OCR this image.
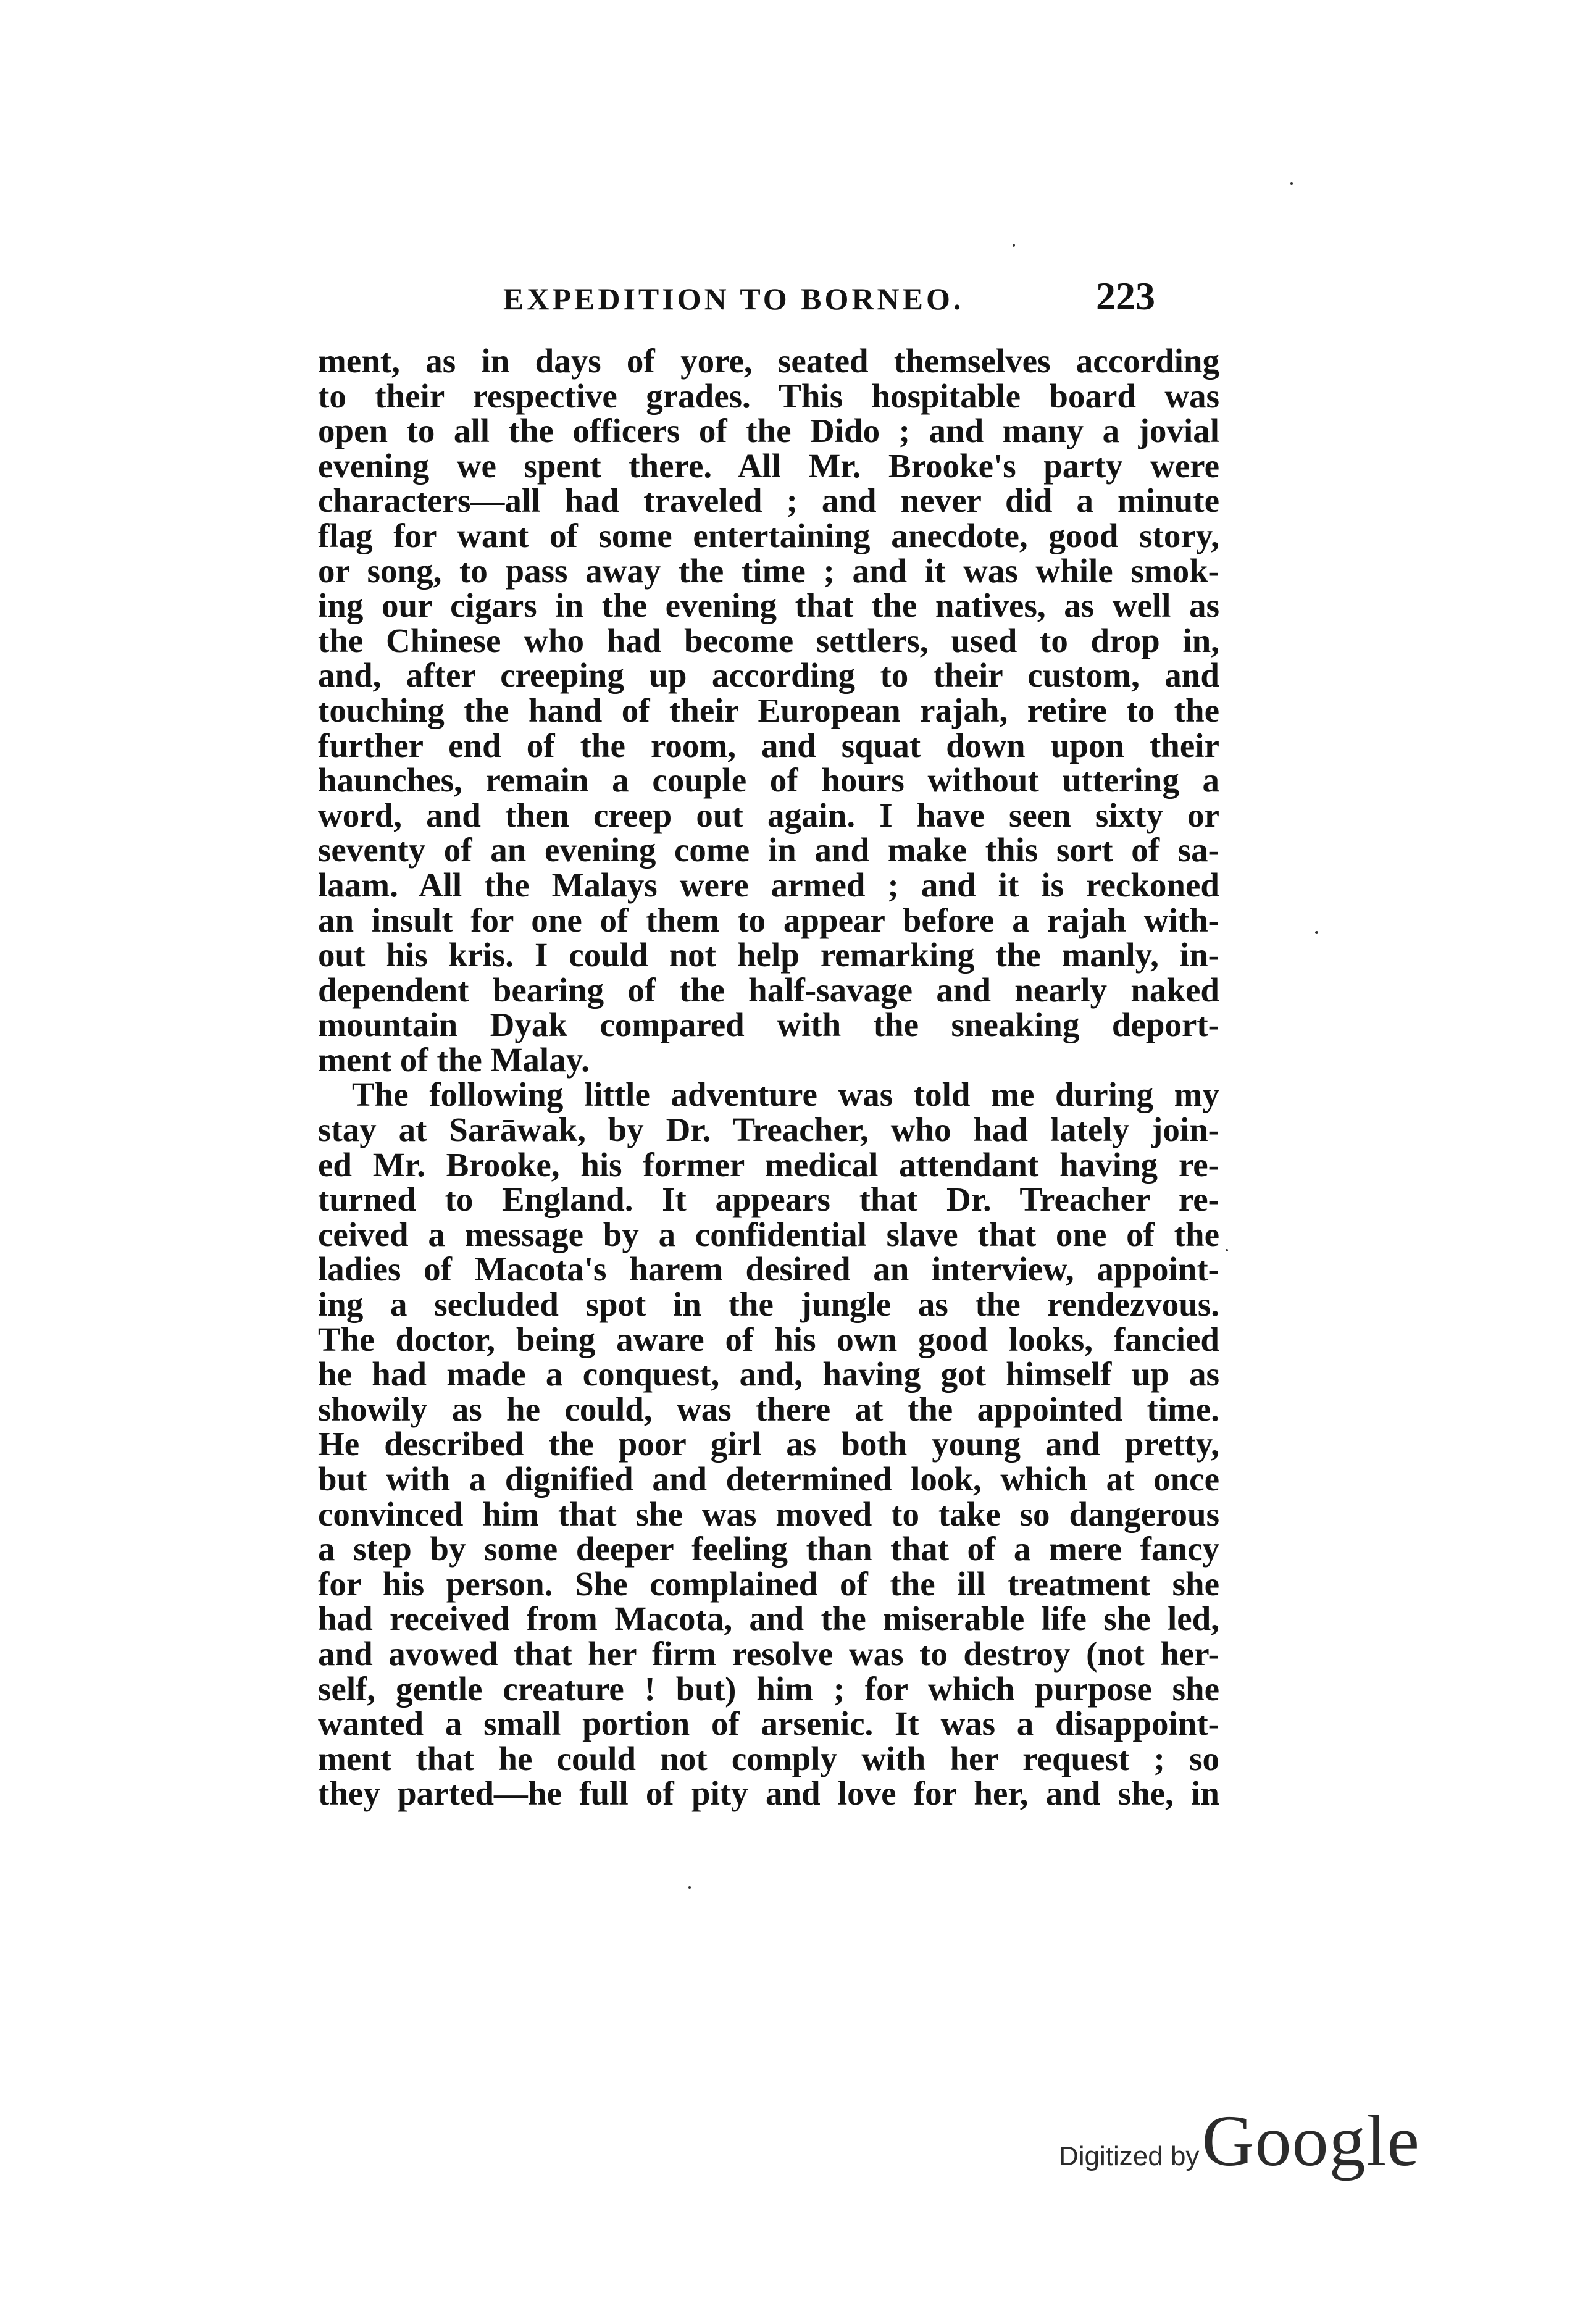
EXPEDITION TO BORNEO.	223
ment, as in days of yore, seated themselves according
to their respective grades. This hospitable board was
open to all the officers of the Dido ; and many a jovial
evening we spent there. All Mr. Brooke's party were
characters—all had traveled ; and never did a minute
flag for want of some entertaining anecdote, good story,
or song, to pass away the time ; and it was while smok-
ing our cigars in the evening that the natives, as well as
the Chinese who had become settlers, used to drop in,
and, after creeping up according to their custom, and
touching the hand of their European rajah, retire to the
further end of the room, and squat down upon their
haunches, remain a couple of hours without uttering a
word, and then creep out again. I have seen sixty or
seventy of an evening come in and make this sort of sa-
laam. All the Malays were armed ; and it is reckoned
an insult for one of them to appear before a rajah with-
out his kris. I could not help remarking the manly, in-
dependent bearing of the half-savage and nearly naked
mountain Dyak compared with the sneaking deport-
ment of the Malay.
The following little adventure was told me during my
stay at Sarāwak, by Dr. Treacher, who had lately join-
ed Mr. Brooke, his former medical attendant having re-
turned to England. It appears that Dr. Treacher re-
ceived a message by a confidential slave that one of the
ladies of Macota's harem desired an interview, appoint-
ing a secluded spot in the jungle as the rendezvous.
The doctor, being aware of his own good looks, fancied
he had made a conquest, and, having got himself up as
showily as he could, was there at the appointed time.
He described the poor girl as both young and pretty,
but with a dignified and determined look, which at once
convinced him that she was moved to take so dangerous
a step by some deeper feeling than that of a mere fancy
for his person. She complained of the ill treatment she
had received from Macota, and the miserable life she led,
and avowed that her firm resolve was to destroy (not her-
self, gentle creature ! but) him ; for which purpose she
wanted a small portion of arsenic. It was a disappoint-
ment that he could not comply with her request ; so
they parted—he full of pity and love for her, and she, in
Digitized by Google
